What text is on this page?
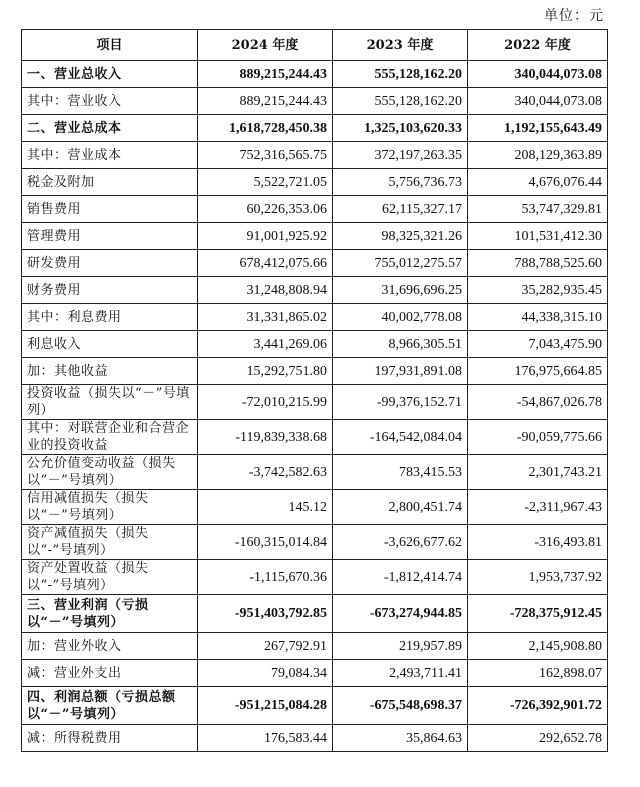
单位：元
项目	2024 年度	2023 年度	2022 年度
一、营业总收入	889,215,244.43	555,128,162.20	340,044,073.08
其中：营业收入	889,215,244.43	555,128,162.20	340,044,073.08
二、营业总成本	1,618,728,450.38	1,325,103,620.33	1,192,155,643.49
其中：营业成本	752,316,565.75	372,197,263.35	208,129,363.89
税金及附加	5,522,721.05	5,756,736.73	4,676,076.44
销售费用	60,226,353.06	62,115,327.17	53,747,329.81
管理费用	91,001,925.92	98,325,321.26	101,531,412.30
研发费用	678,412,075.66	755,012,275.57	788,788,525.60
财务费用	31,248,808.94	31,696,696.25	35,282,935.45
其中：利息费用	31,331,865.02	40,002,778.08	44,338,315.10
利息收入	3,441,269.06	8,966,305.51	7,043,475.90
加：其他收益	15,292,751.80	197,931,891.08	176,975,664.85
投资收益（损失以“－”号填列）	-72,010,215.99	-99,376,152.71	-54,867,026.78
其中：对联营企业和合营企业的投资收益	-119,839,338.68	-164,542,084.04	-90,059,775.66
公允价值变动收益（损失以“－”号填列）	-3,742,582.63	783,415.53	2,301,743.21
信用减值损失（损失以“－”号填列）	145.12	2,800,451.74	-2,311,967.43
资产减值损失（损失以“-”号填列）	-160,315,014.84	-3,626,677.62	-316,493.81
资产处置收益（损失以“-”号填列）	-1,115,670.36	-1,812,414.74	1,953,737.92
三、营业利润（亏损以“－”号填列）	-951,403,792.85	-673,274,944.85	-728,375,912.45
加：营业外收入	267,792.91	219,957.89	2,145,908.80
减：营业外支出	79,084.34	2,493,711.41	162,898.07
四、利润总额（亏损总额以“－”号填列）	-951,215,084.28	-675,548,698.37	-726,392,901.72
减：所得税费用	176,583.44	35,864.63	292,652.78
